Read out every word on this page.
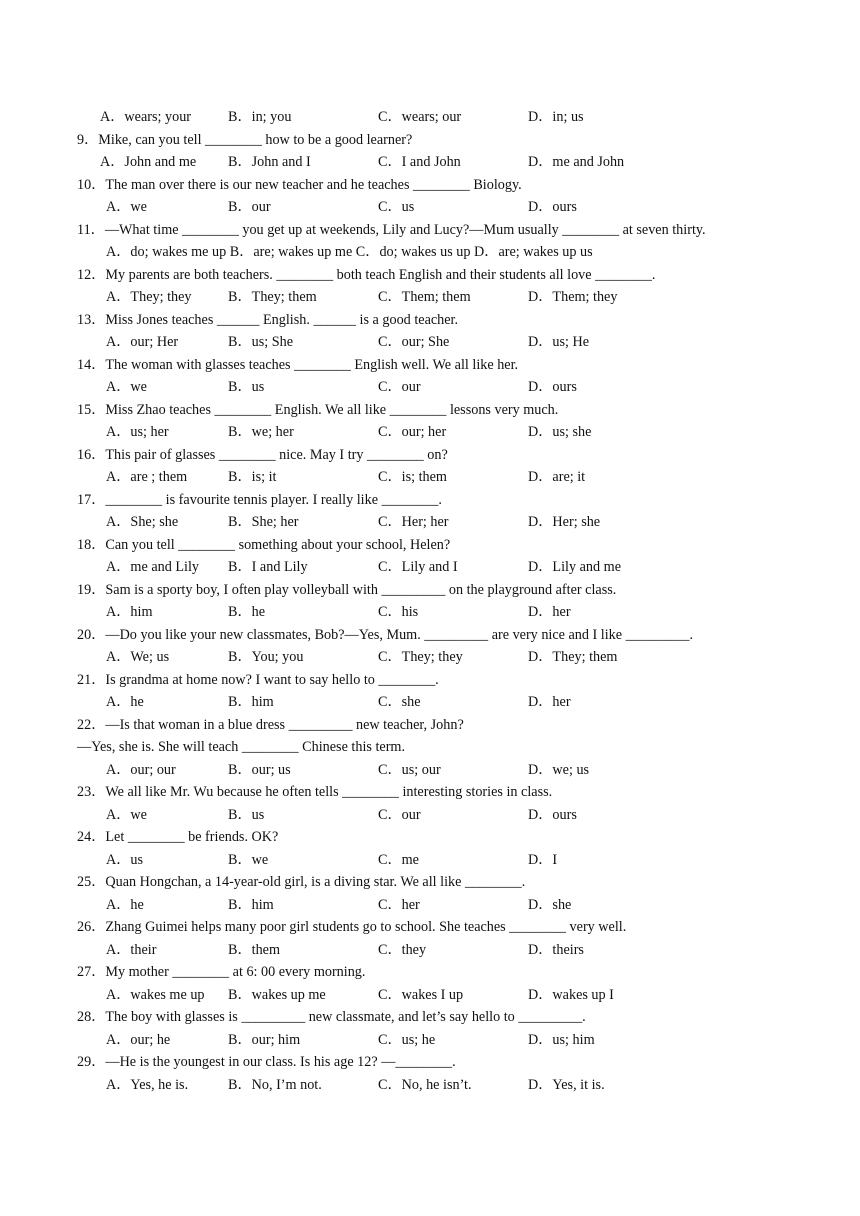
A．wears; your	B．in; you	C．wears; our	D．in; us
9．Mike, can you tell ________ how to be a good learner?
A．John and me B．John and I	C．I and John	D．me and John
10．The man over there is our new teacher and he teaches ________ Biology.
A．we	B．our	C．us	D．ours
11．—What time ________ you get up at weekends, Lily and Lucy?—Mum usually ________ at seven thirty.
A．do; wakes me up B．are; wakes up me C．do; wakes us up D．are; wakes up us
12．My parents are both teachers. ________ both teach English and their students all love ________.
A．They; they	B．They; them	C．Them; them	D．Them; they
13．Miss Jones teaches ______ English. ______ is a good teacher.
A．our; Her	B．us; She	C．our; She	D．us; He
14．The woman with glasses teaches ________ English well. We all like her.
A．we	B．us	C．our	D．ours
15．Miss Zhao teaches ________ English. We all like ________ lessons very much.
A．us; her	B．we; her	C．our; her	D．us; she
16．This pair of glasses ________ nice. May I try ________ on?
A．are ; them	B．is; it	C．is; them	D．are; it
17．________ is favourite tennis player. I really like ________.
A．She; she	B．She; her	C．Her; her	D．Her; she
18．Can you tell ________ something about your school, Helen?
A．me and Lily B．I and Lily	C．Lily and I	D．Lily and me
19．Sam is a sporty boy, I often play volleyball with _________ on the playground after class.
A．him	B．he	C．his	D．her
20．—Do you like your new classmates, Bob?—Yes, Mum. _________ are very nice and I like _________.
A．We; us	B．You; you	C．They; they	D．They; them
21．Is grandma at home now? I want to say hello to ________.
A．he	B．him	C．she	D．her
22．—Is that woman in a blue dress _________ new teacher, John?
—Yes, she is. She will teach ________ Chinese this term.
A．our; our	B．our; us	C．us; our	D．we; us
23．We all like Mr. Wu because he often tells ________ interesting stories in class.
A．we	B．us	C．our	D．ours
24．Let ________ be friends. OK?
A．us	B．we	C．me	D．I
25．Quan Hongchan, a 14-year-old girl, is a diving star. We all like ________.
A．he	B．him	C．her	D．she
26．Zhang Guimei helps many poor girl students go to school. She teaches ________ very well.
A．their	B．them	C．they	D．theirs
27．My mother ________ at 6: 00 every morning.
A．wakes me up B．wakes up me	C．wakes I up	D．wakes up I
28．The boy with glasses is _________ new classmate, and let’s say hello to _________.
A．our; he	B．our; him	C．us; he	D．us; him
29．—He is the youngest in our class. Is his age 12? —________.
A．Yes, he is.	B．No, I’m not.	C．No, he isn’t.	D．Yes, it is.
